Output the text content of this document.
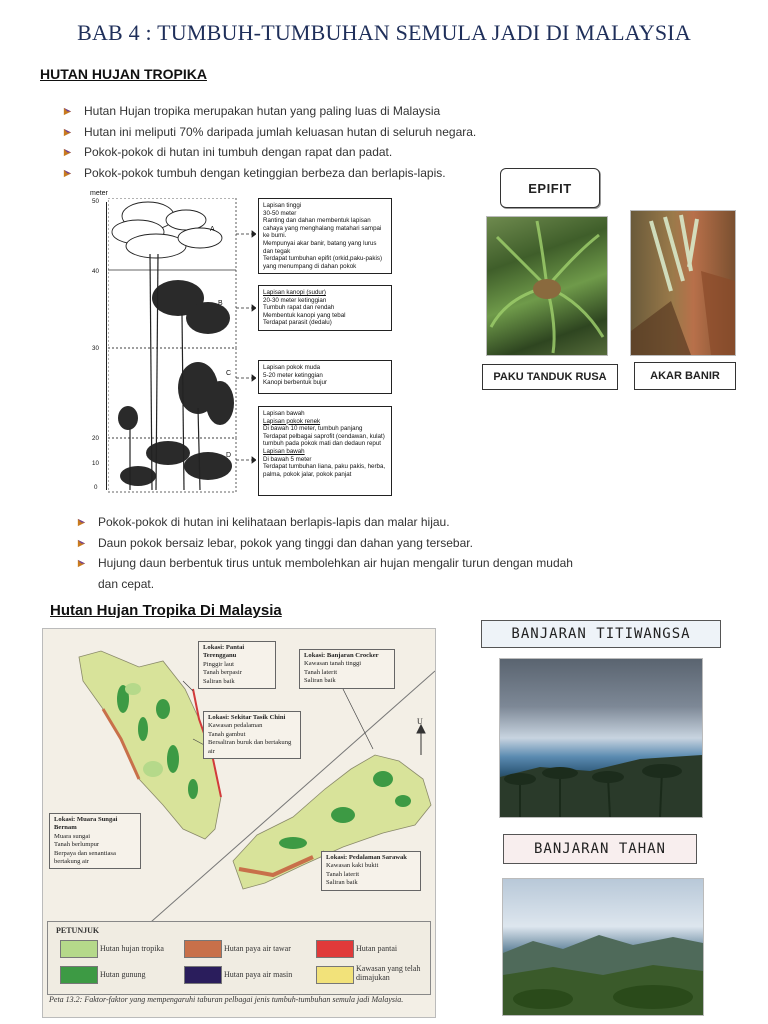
BAB 4 : TUMBUH-TUMBUHAN SEMULA JADI DI MALAYSIA
HUTAN HUJAN TROPIKA
Hutan Hujan tropika merupakan hutan yang paling luas di Malaysia
Hutan ini meliputi 70% daripada jumlah keluasan hutan di seluruh negara.
Pokok-pokok di hutan ini tumbuh dengan rapat dan padat.
Pokok-pokok tumbuh dengan ketinggian berbeza dan berlapis-lapis.
meter
50
40
30
20
10
0
A
B
C
D
Lapisan tinggi
30-50 meter
Ranting dan dahan membentuk lapisan cahaya yang menghalang matahari sampai ke bumi.
Mempunyai akar banir, batang yang lurus dan tegak
Terdapat tumbuhan epifit (orkid,paku-pakis) yang menumpang di dahan pokok
Lapisan kanopi (sudur)
20-30 meter ketinggian
Tumbuh rapat dan rendah
Membentuk kanopi yang tebal
Terdapat parasit (dedalu)
Lapisan pokok muda
5-20 meter ketinggian
Kanopi berbentuk bujur
Lapisan bawah
Lapisan pokok renek
Di bawah 10 meter, tumbuh panjang
Terdapat pelbagai saprofit (cendawan, kulat) tumbuh pada pokok mati dan dedaun reput
Lapisan bawah
Di bawah 5 meter
Terdapat tumbuhan liana, paku pakis, herba, palma, pokok jalar, pokok panjat
EPIFIT
PAKU TANDUK RUSA	AKAR BANIR
Pokok-pokok di hutan ini kelihataan berlapis-lapis dan malar hijau.
Daun pokok bersaiz lebar, pokok yang tinggi dan dahan yang tersebar.
Hujung daun berbentuk tirus untuk membolehkan air hujan mengalir turun dengan mudah dan cepat.
Hutan Hujan Tropika Di Malaysia
U
Lokasi: Pantai Terengganu
Pinggir laut
Tanah berpasir
Saliran baik
Lokasi: Banjaran Crocker
Kawasan tanah tinggi
Tanah laterit
Saliran baik
Lokasi: Sekitar Tasik Chini
Kawasan pedalaman
Tanah gambut
Bersaliran buruk dan bertakung air
Lokasi: Muara Sungai Bernam
Muara sungai
Tanah berlumpur
Berpaya dan senantiasa bertakung air
Lokasi: Pedalaman Sarawak
Kawasan kaki bukit
Tanah laterit
Saliran baik
PETUNJUK
Hutan hujan tropika	Hutan paya air tawar	Hutan pantai
Hutan gunung	Hutan paya air masin
Kawasan yang telah dimajukan
Peta 13.2: Faktor-faktor yang mempengaruhi taburan pelbagai jenis tumbuh-tumbuhan semula jadi Malaysia.
BANJARAN TITIWANGSA
BANJARAN TAHAN
